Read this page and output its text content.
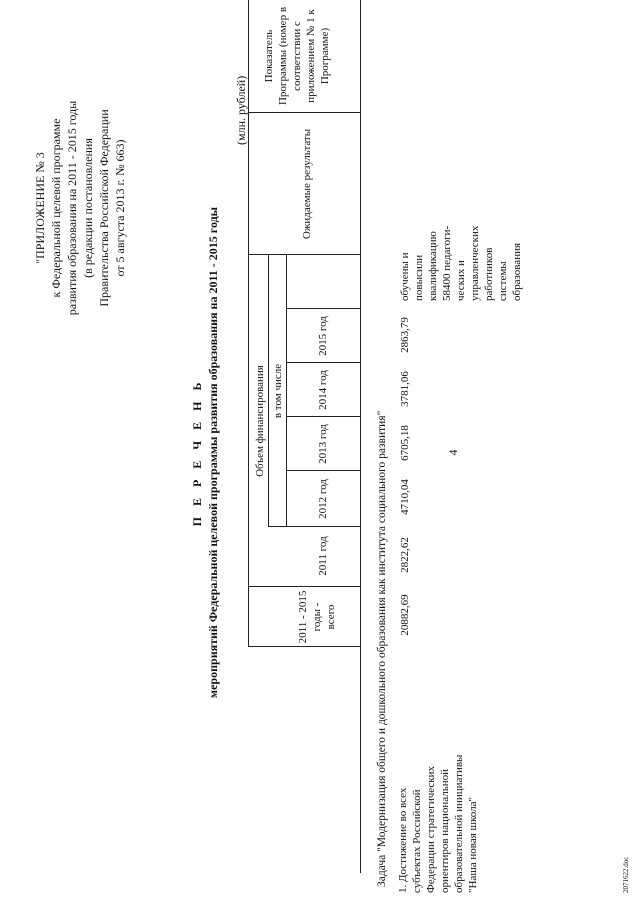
4
"ПРИЛОЖЕНИЕ № 3 к Федеральной целевой программе развития образования на 2011 - 2015 годы (в редакции постановления Правительства Российской Федерации от 5 августа 2013 г. № 663)
П Е Р Е Ч Е Н Ь мероприятий Федеральной целевой программы развития образования на 2011 - 2015 годы
(млн. рублей)
2011 - 2015 годы - всего
Объем финансирования в том числе
2011 год
2012 год
2013 год
2014 год
2015 год
Ожидаемые результаты
Показатель Программы (номер в соответствии с приложением № 1 к Программе)
Задача "Модернизация общего и дошкольного образования как института социального развития" 1. Достижение во всех субъектах Российской Федерации стратегических ориентиров национальной образовательной инициативы "Наша новая школа"
20882,69
2822,62
4710,04
6705,18
3781,06
2863,79
обучены и повысили квалификацию 58400 педагоги-ческих и управленческих работников системы образования
2071622.doc
